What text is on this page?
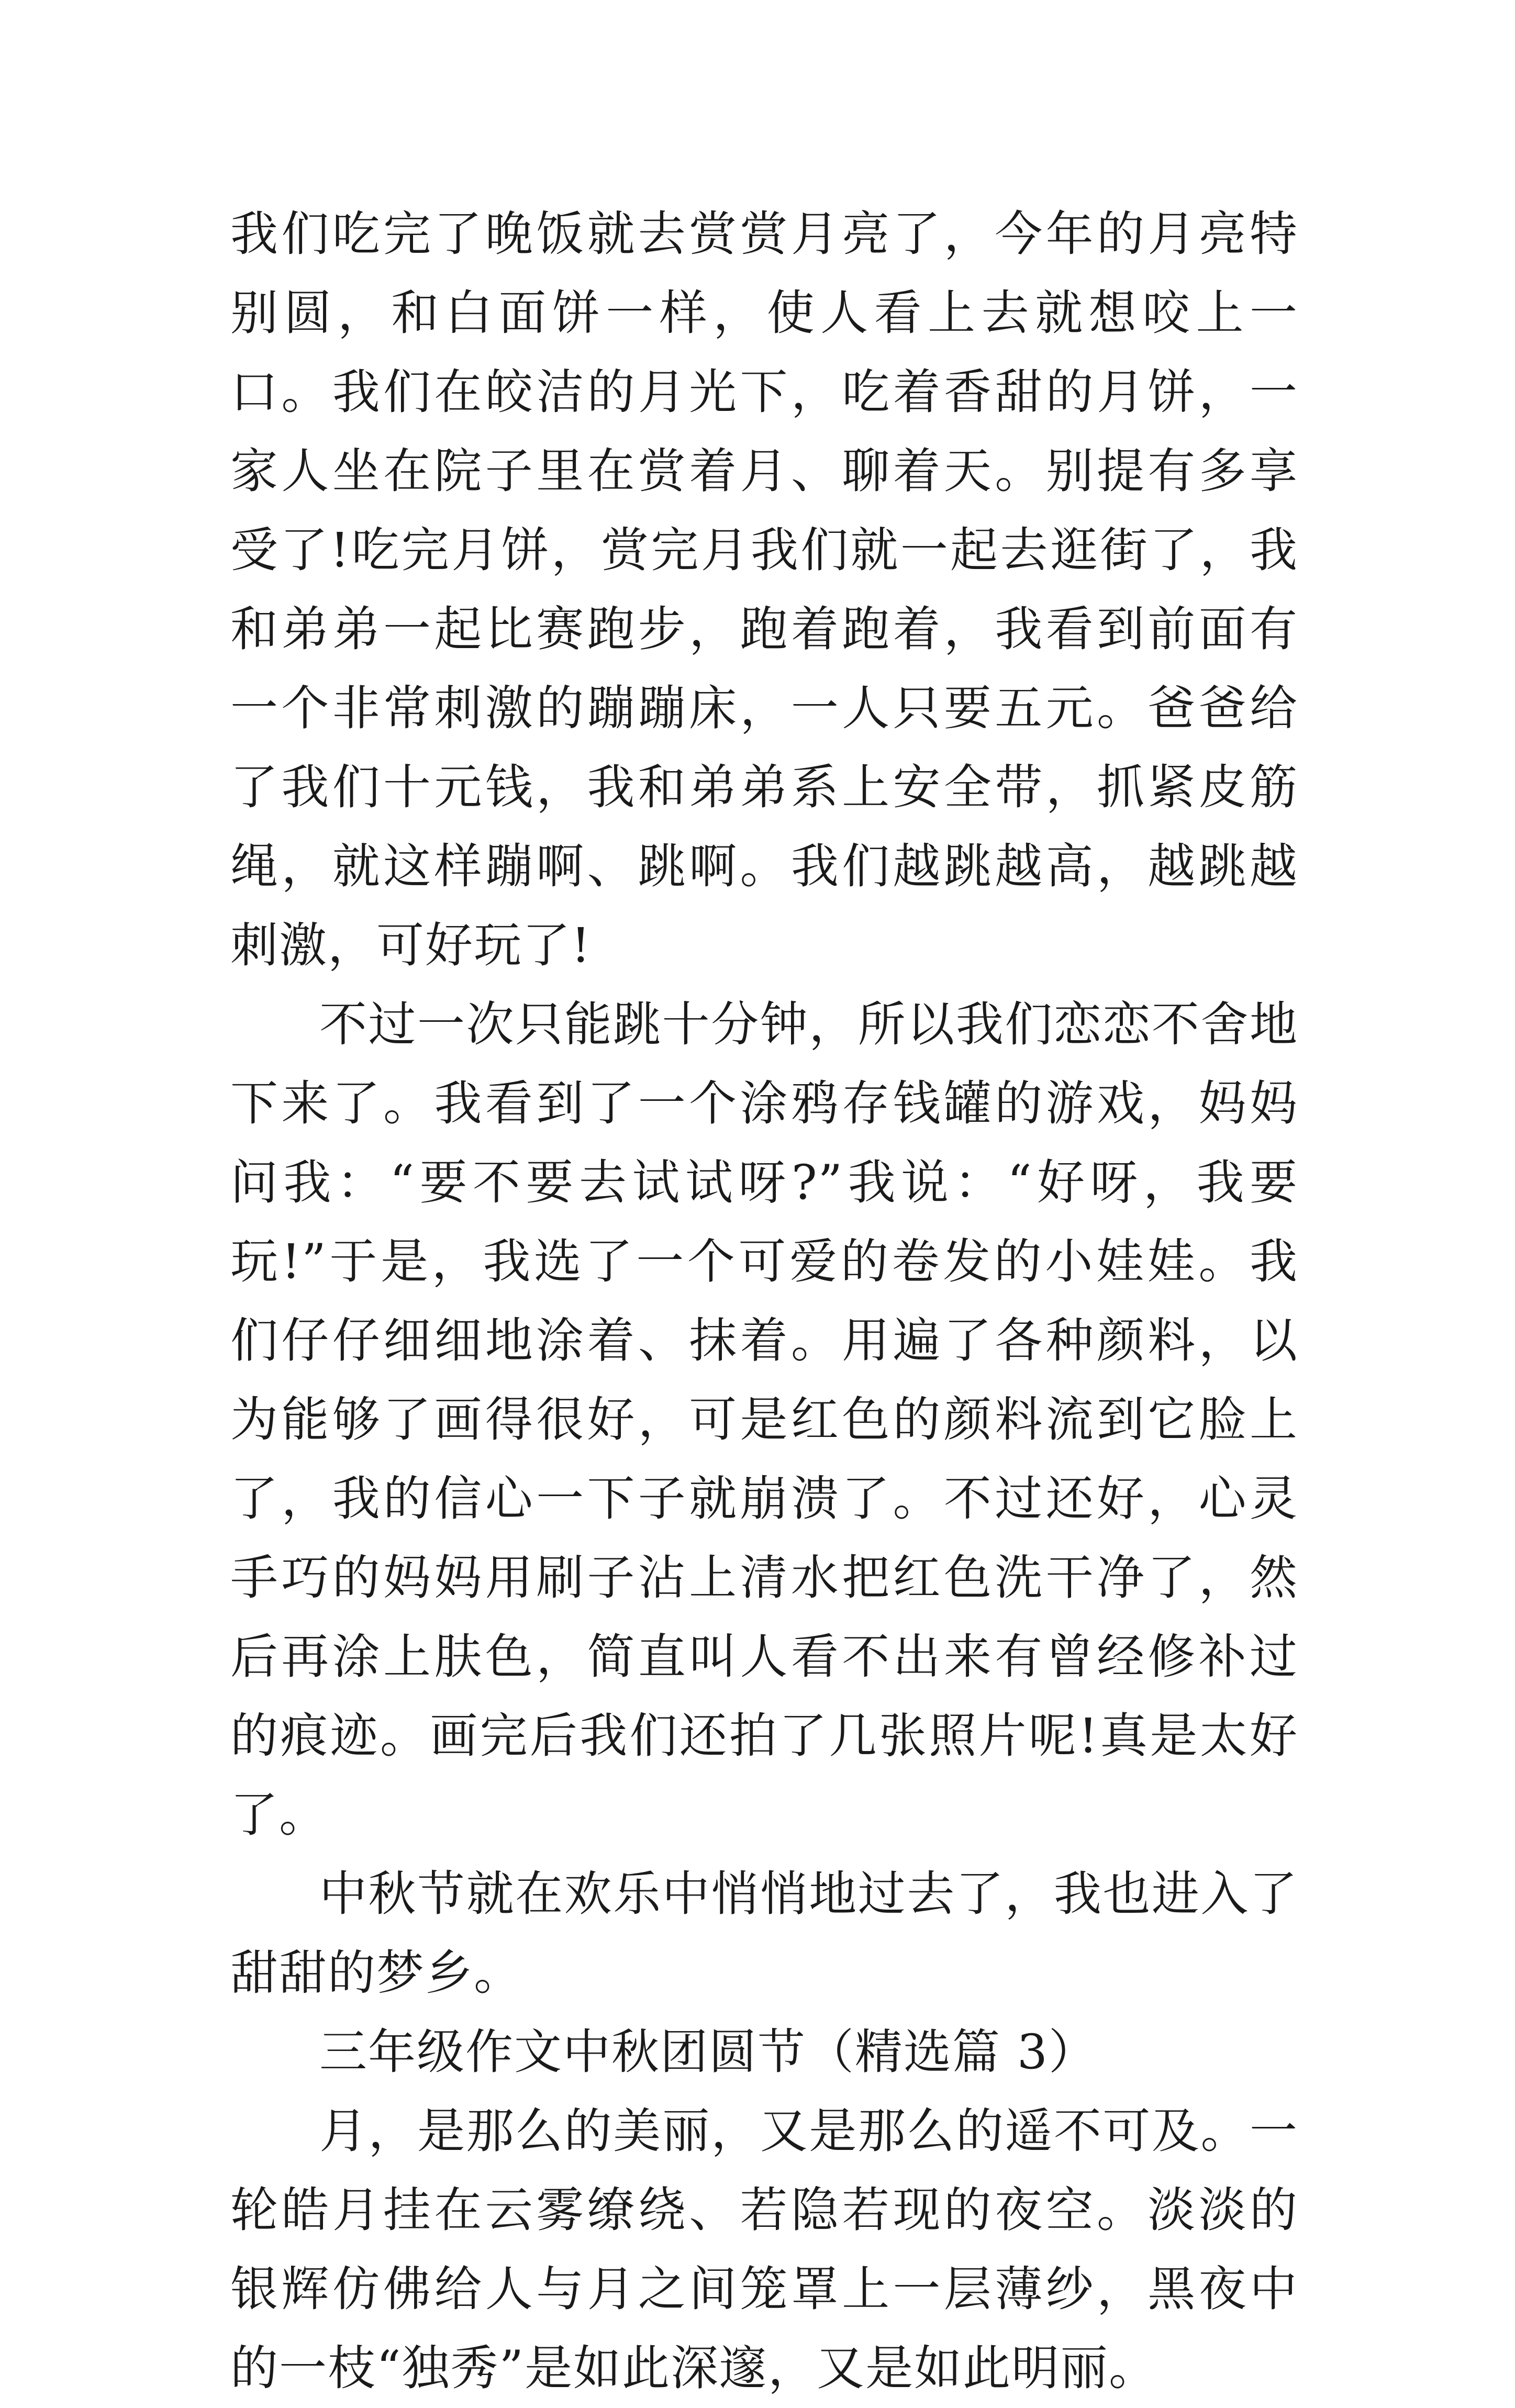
我们吃完了晚饭就去赏赏月亮了，今年的月亮特别圆，和白面饼一样，使人看上去就想咬上一口。我们在皎洁的月光下，吃着香甜的月饼，一家人坐在院子里在赏着月、聊着天。别提有多享受了!吃完月饼，赏完月我们就一起去逛街了，我和弟弟一起比赛跑步，跑着跑着，我看到前面有一个非常刺激的蹦蹦床，一人只要五元。爸爸给了我们十元钱，我和弟弟系上安全带，抓紧皮筋绳，就这样蹦啊、跳啊。我们越跳越高，越跳越刺激，可好玩了!

不过一次只能跳十分钟，所以我们恋恋不舍地下来了。我看到了一个涂鸦存钱罐的游戏，妈妈问我：“要不要去试试呀?”我说：“好呀，我要玩!”于是，我选了一个可爱的卷发的小娃娃。我们仔仔细细地涂着、抹着。用遍了各种颜料，以为能够了画得很好，可是红色的颜料流到它脸上了，我的信心一下子就崩溃了。不过还好，心灵手巧的妈妈用刷子沾上清水把红色洗干净了，然后再涂上肤色，简直叫人看不出来有曾经修补过的痕迹。画完后我们还拍了几张照片呢!真是太好了。

中秋节就在欢乐中悄悄地过去了，我也进入了甜甜的梦乡。

三年级作文中秋团圆节（精选篇 3）

月，是那么的美丽，又是那么的遥不可及。一轮皓月挂在云雾缭绕、若隐若现的夜空。淡淡的银辉仿佛给人与月之间笼罩上一层薄纱，黑夜中的一枝“独秀”是如此深邃，又是如此明丽。
